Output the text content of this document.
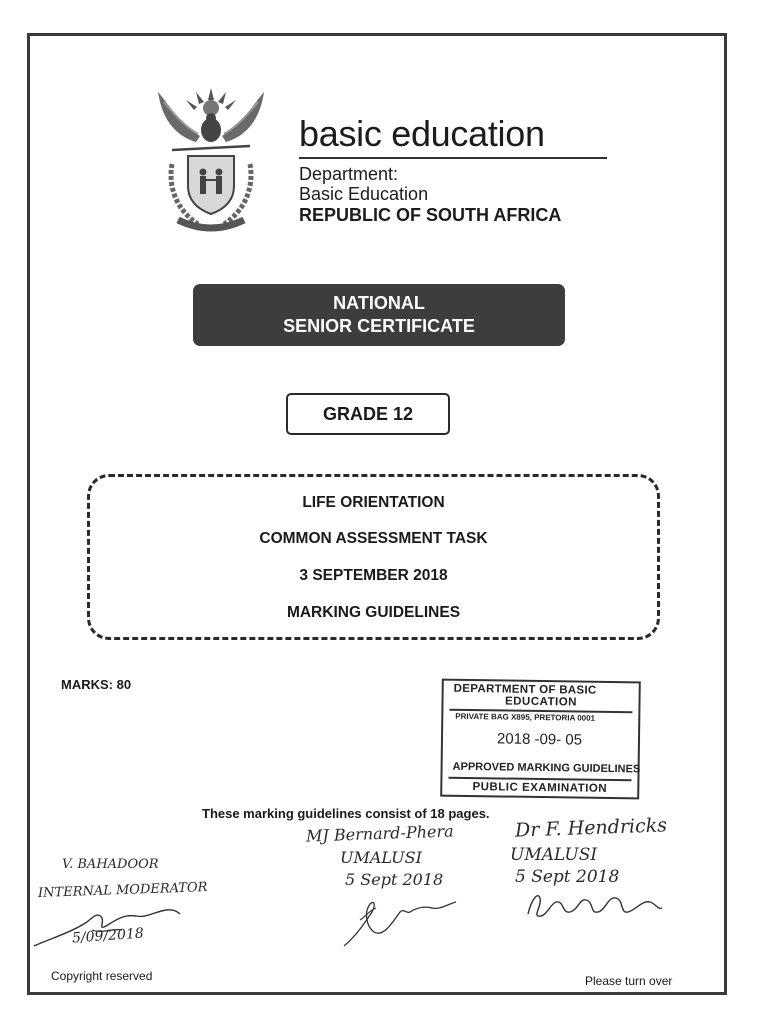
basic education
Department:
Basic Education
REPUBLIC OF SOUTH AFRICA
NATIONAL
SENIOR CERTIFICATE
GRADE 12
LIFE ORIENTATION
COMMON ASSESSMENT TASK
3 SEPTEMBER 2018
MARKING GUIDELINES
MARKS: 80	DEPARTMENT OF BASIC
EDUCATION
PRIVATE BAG X895, PRETORIA 0001
2018 -09- 05
APPROVED MARKING GUIDELINES
PUBLIC EXAMINATION
These marking guidelines consist of 18 pages.
V. BAHADOOR
INTERNAL MODERATOR
5/09/2018
MJ Bernard-Phera
UMALUSI
5 Sept 2018
Dr F. Hendricks
UMALUSI
5 Sept 2018
Copyright reserved	Please turn over
